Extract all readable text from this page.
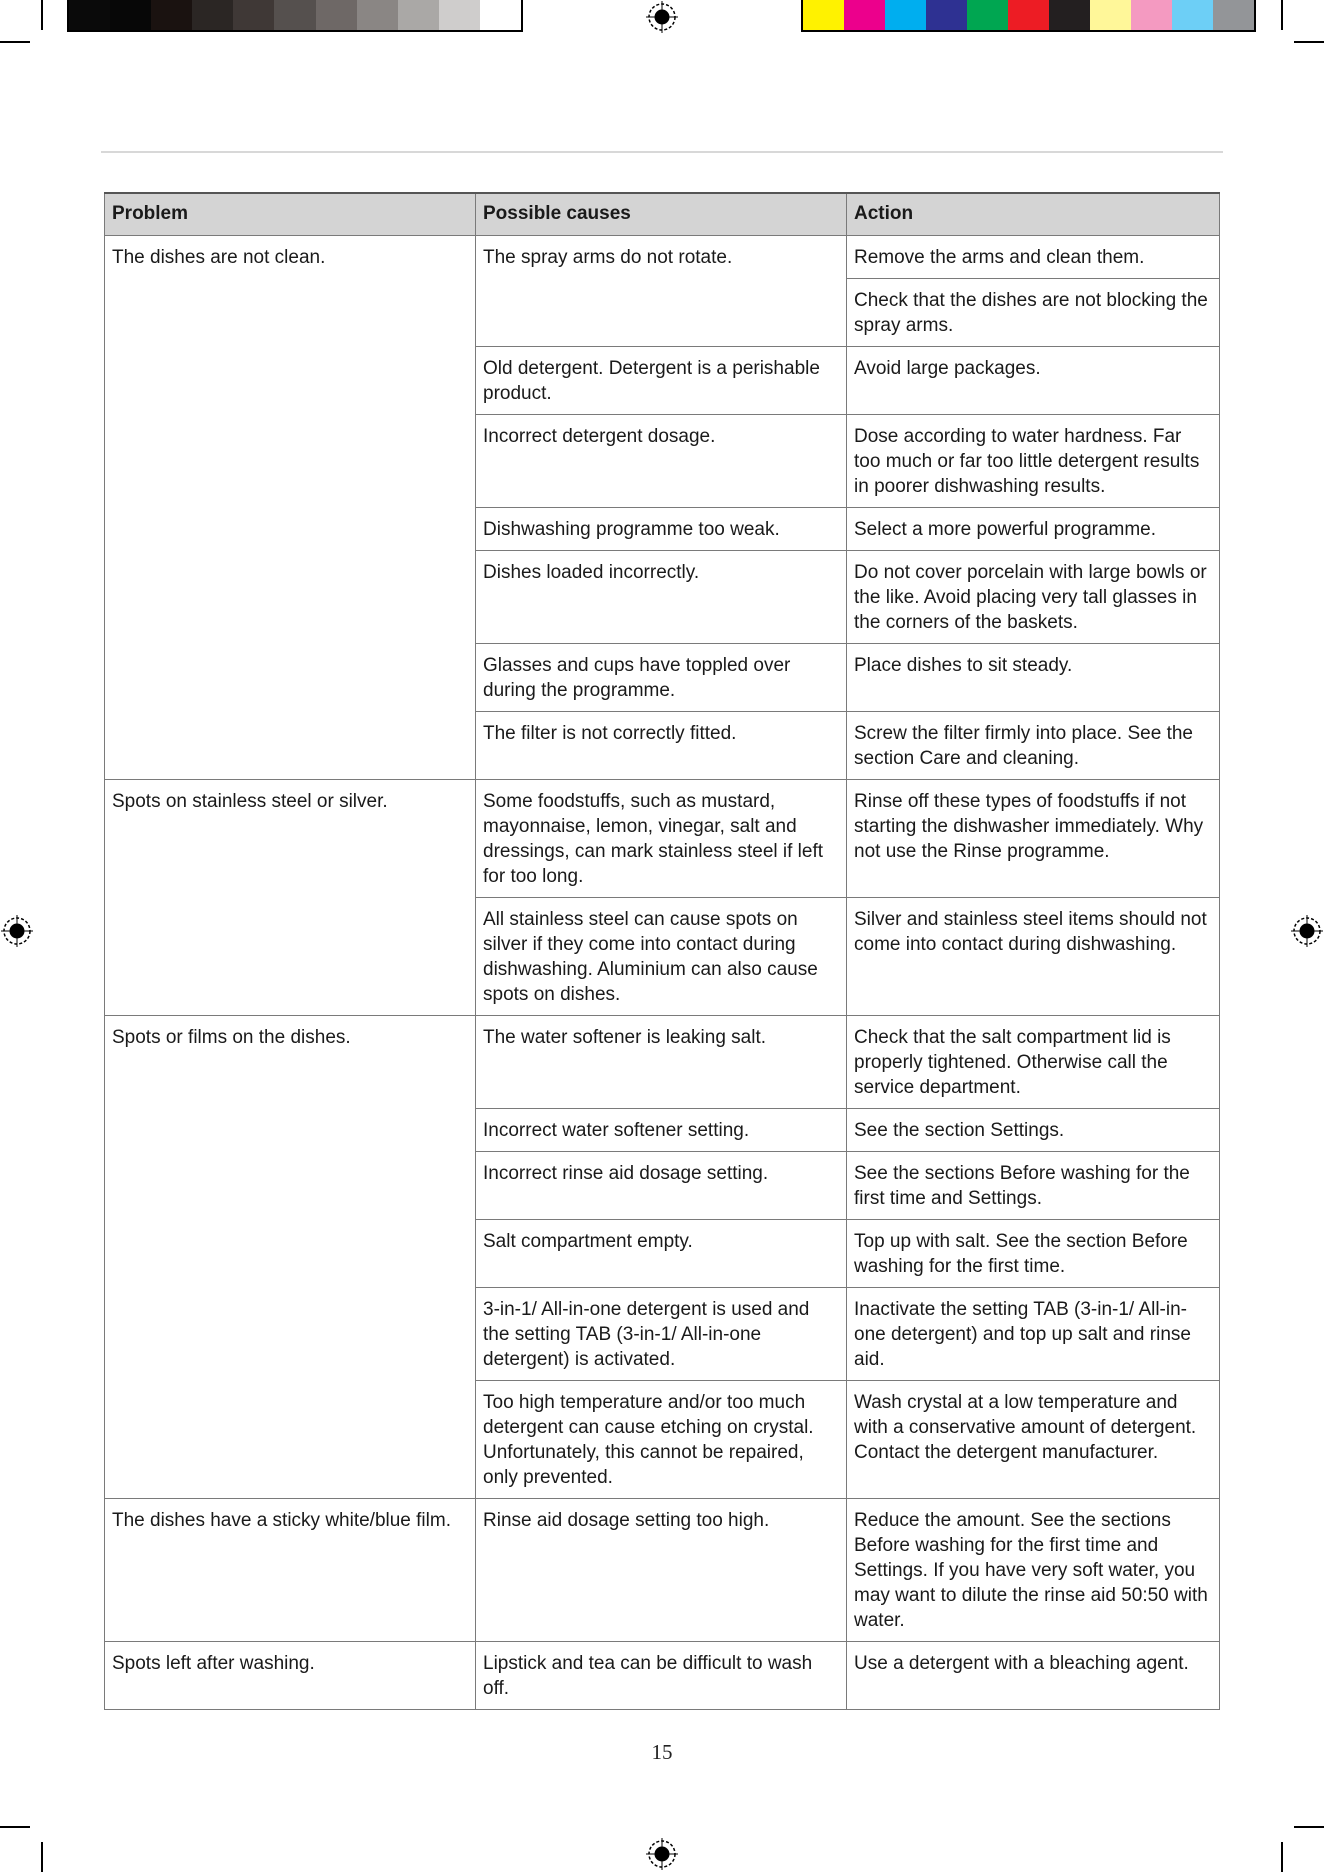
Problem	Possible causes	Action
The dishes are not clean.	The spray arms do not rotate.	Remove the arms and clean them.
		Check that the dishes are not blocking the spray arms.
	Old detergent. Detergent is a perishable product.	Avoid large packages.
	Incorrect detergent dosage.	Dose according to water hardness. Far too much or far too little detergent results in poorer dishwashing results.
	Dishwashing programme too weak.	Select a more powerful programme.
	Dishes loaded incorrectly.	Do not cover porcelain with large bowls or the like. Avoid placing very tall glasses in the corners of the baskets.
	Glasses and cups have toppled over during the programme.	Place dishes to sit steady.
	The filter is not correctly fitted.	Screw the filter firmly into place. See the section Care and cleaning.
Spots on stainless steel or silver.	Some foodstuffs, such as mustard, mayonnaise, lemon, vinegar, salt and dressings, can mark stainless steel if left for too long.	Rinse off these types of foodstuffs if not starting the dishwasher immediately. Why not use the Rinse programme.
	All stainless steel can cause spots on silver if they come into contact during dishwashing. Aluminium can also cause spots on dishes.	Silver and stainless steel items should not come into contact during dishwashing.
Spots or films on the dishes.	The water softener is leaking salt.	Check that the salt compartment lid is properly tightened. Otherwise call the service department.
	Incorrect water softener setting.	See the section Settings.
	Incorrect rinse aid dosage setting.	See the sections Before washing for the first time and Settings.
	Salt compartment empty.	Top up with salt. See the section Before washing for the first time.
	3-in-1/ All-in-one detergent is used and the setting TAB (3-in-1/ All-in-one detergent) is activated.	Inactivate the setting TAB (3-in-1/ All-in-one detergent) and top up salt and rinse aid.
	Too high temperature and/or too much detergent can cause etching on crystal. Unfortunately, this cannot be repaired, only prevented.	Wash crystal at a low temperature and with a conservative amount of detergent. Contact the detergent manufacturer.
The dishes have a sticky white/blue film.	Rinse aid dosage setting too high.	Reduce the amount. See the sections Before washing for the first time and Settings. If you have very soft water, you may want to dilute the rinse aid 50:50 with water.
Spots left after washing.	Lipstick and tea can be difficult to wash off.	Use a detergent with a bleaching agent.
15
